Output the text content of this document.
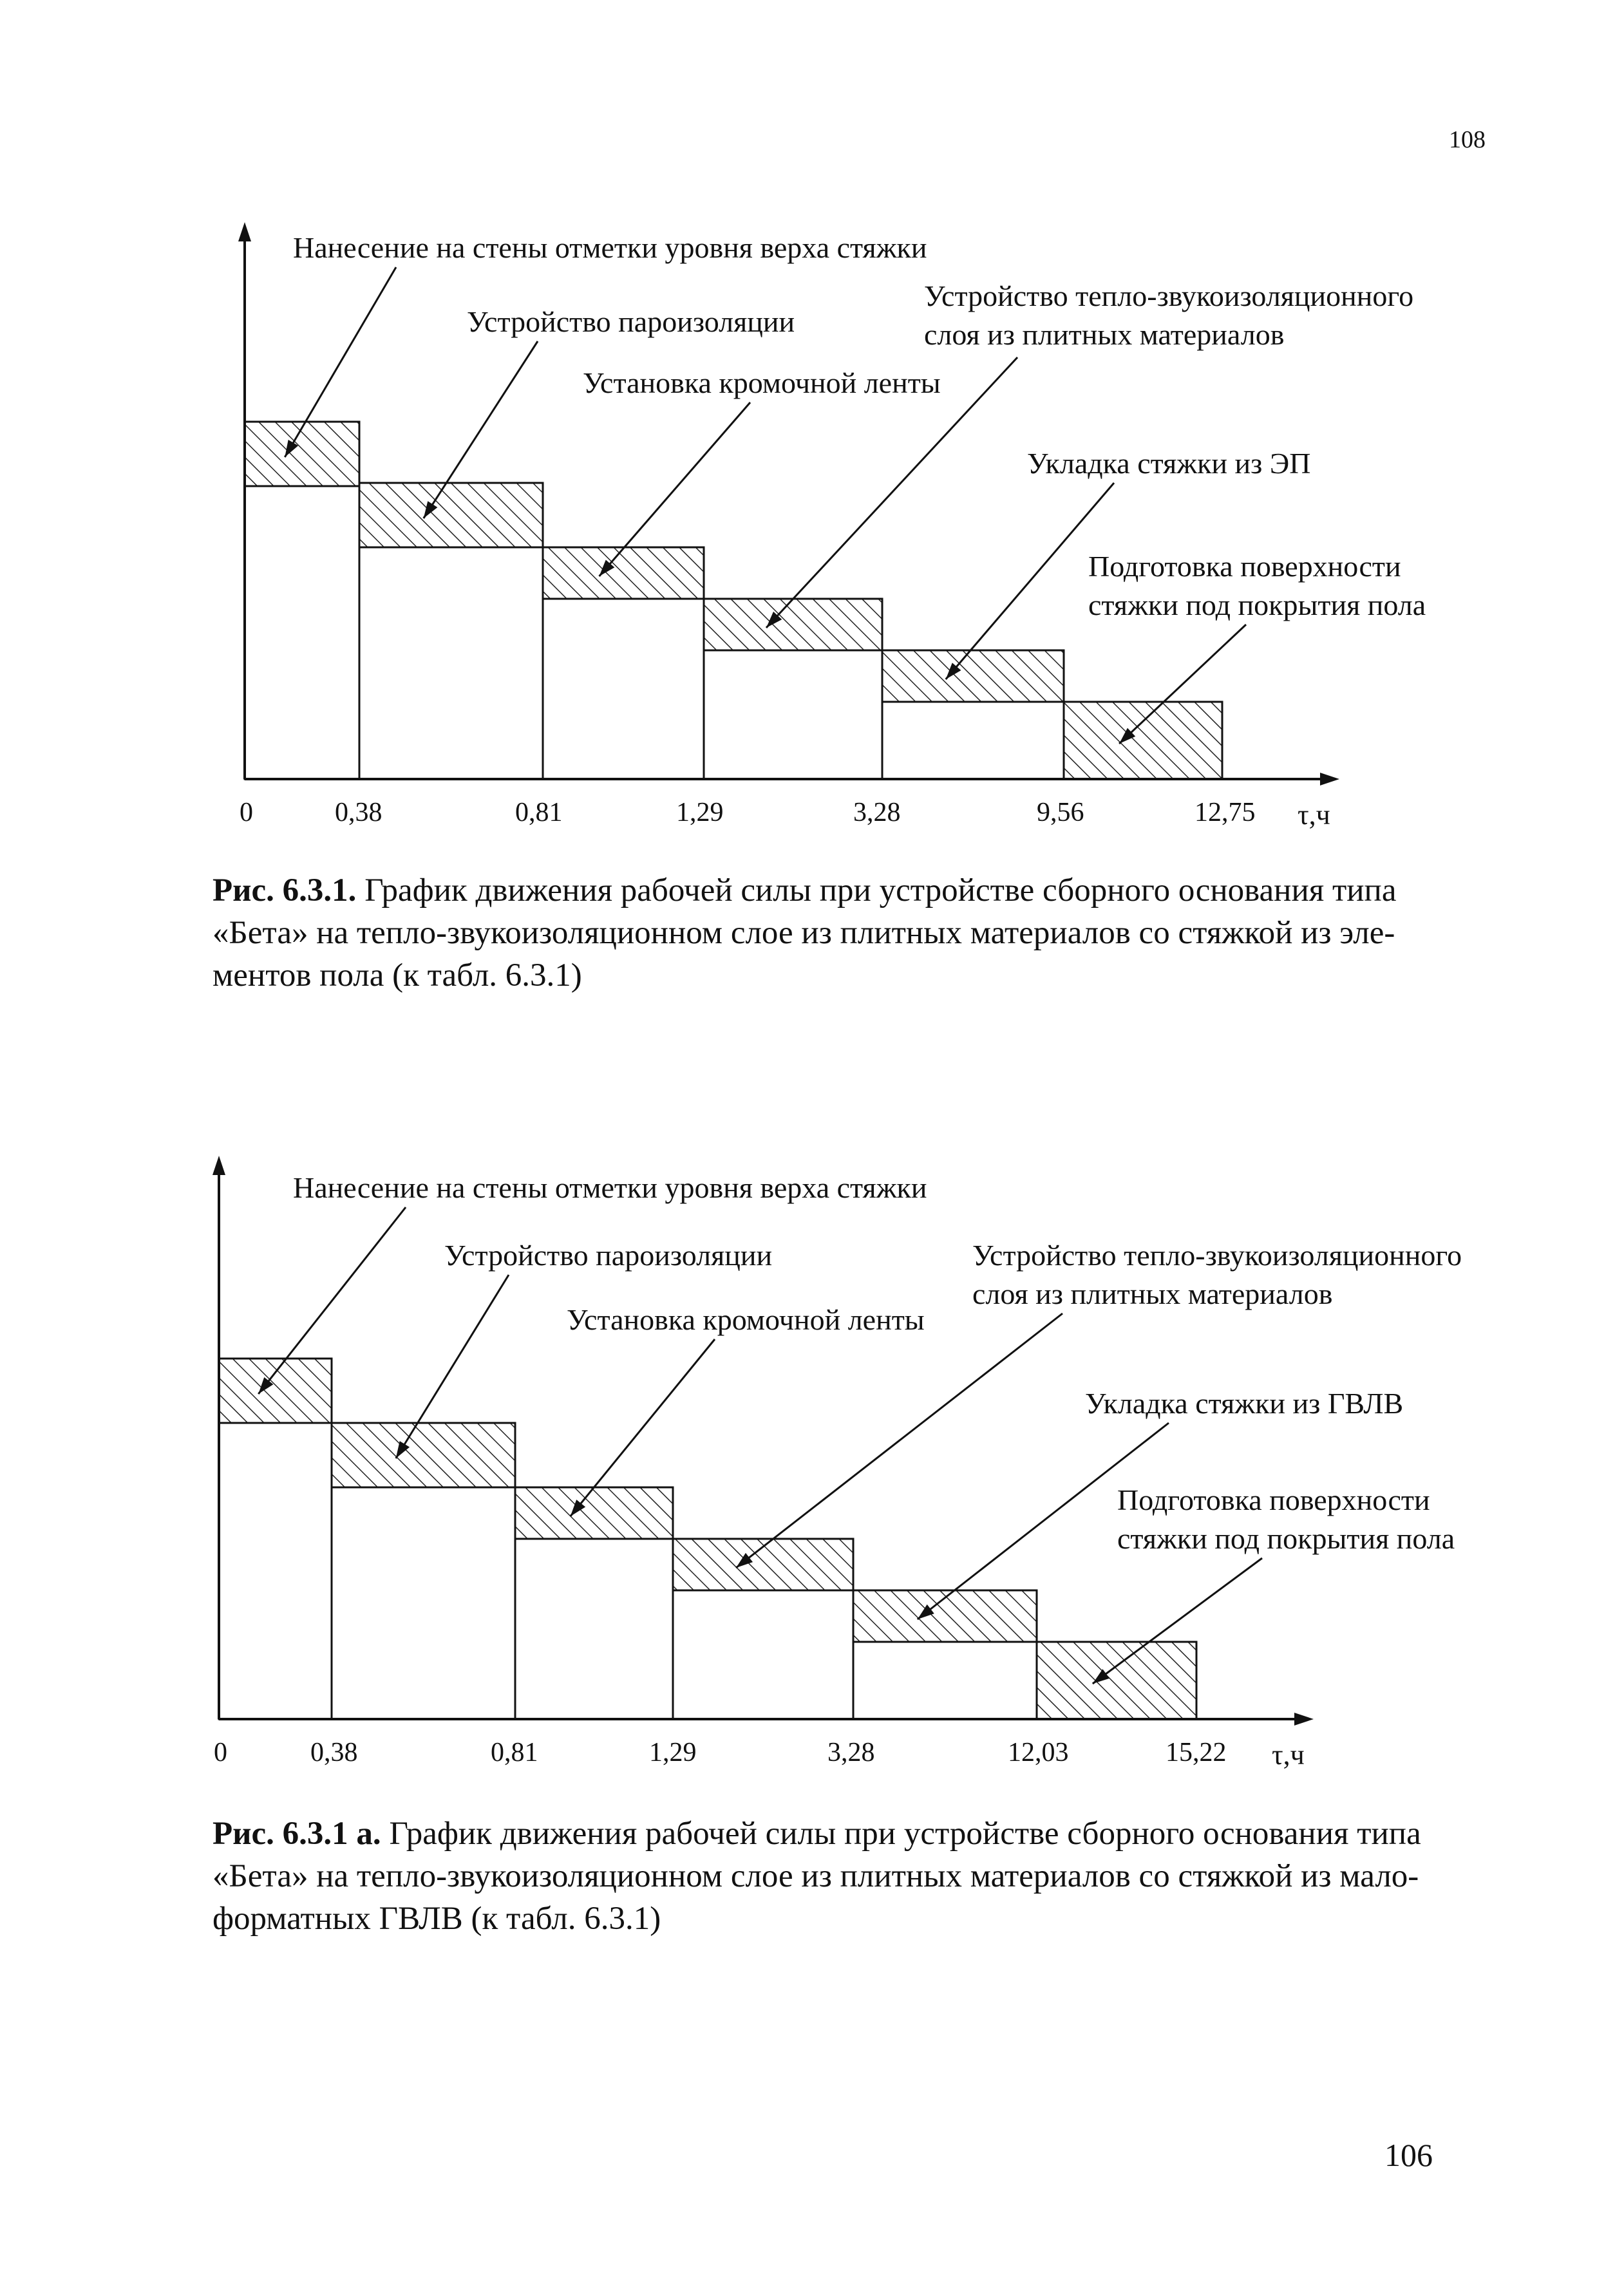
108
0	0,38	0,81	1,29	3,28	9,56	12,75 τ,ч
Нанесение на стены отметки уровня верха стяжки
Устройство пароизоляции
Устройство тепло-звукоизоляционного
слоя из плитных материалов
Установка кромочной ленты
Укладка стяжки из ЭП
Подготовка поверхности
стяжки под покрытия пола
Рис. 6.3.1. График движения рабочей силы при устройстве сборного основания типа «Бета» на тепло-звукоизоляционном слое из плитных материалов со стяжкой из эле-ментов пола (к табл. 6.3.1)
0	0,38	0,81	1,29	3,28	12,03	15,22 τ,ч
Нанесение на стены отметки уровня верха стяжки
Устройство пароизоляции	Устройство тепло-звукоизоляционного
слоя из плитных материалов
Установка кромочной ленты
Укладка стяжки из ГВЛВ
Подготовка поверхности
стяжки под покрытия пола
Рис. 6.3.1 а. График движения рабочей силы при устройстве сборного основания типа «Бета» на тепло-звукоизоляционном слое из плитных материалов со стяжкой из мало-форматных ГВЛВ (к табл. 6.3.1)
106
